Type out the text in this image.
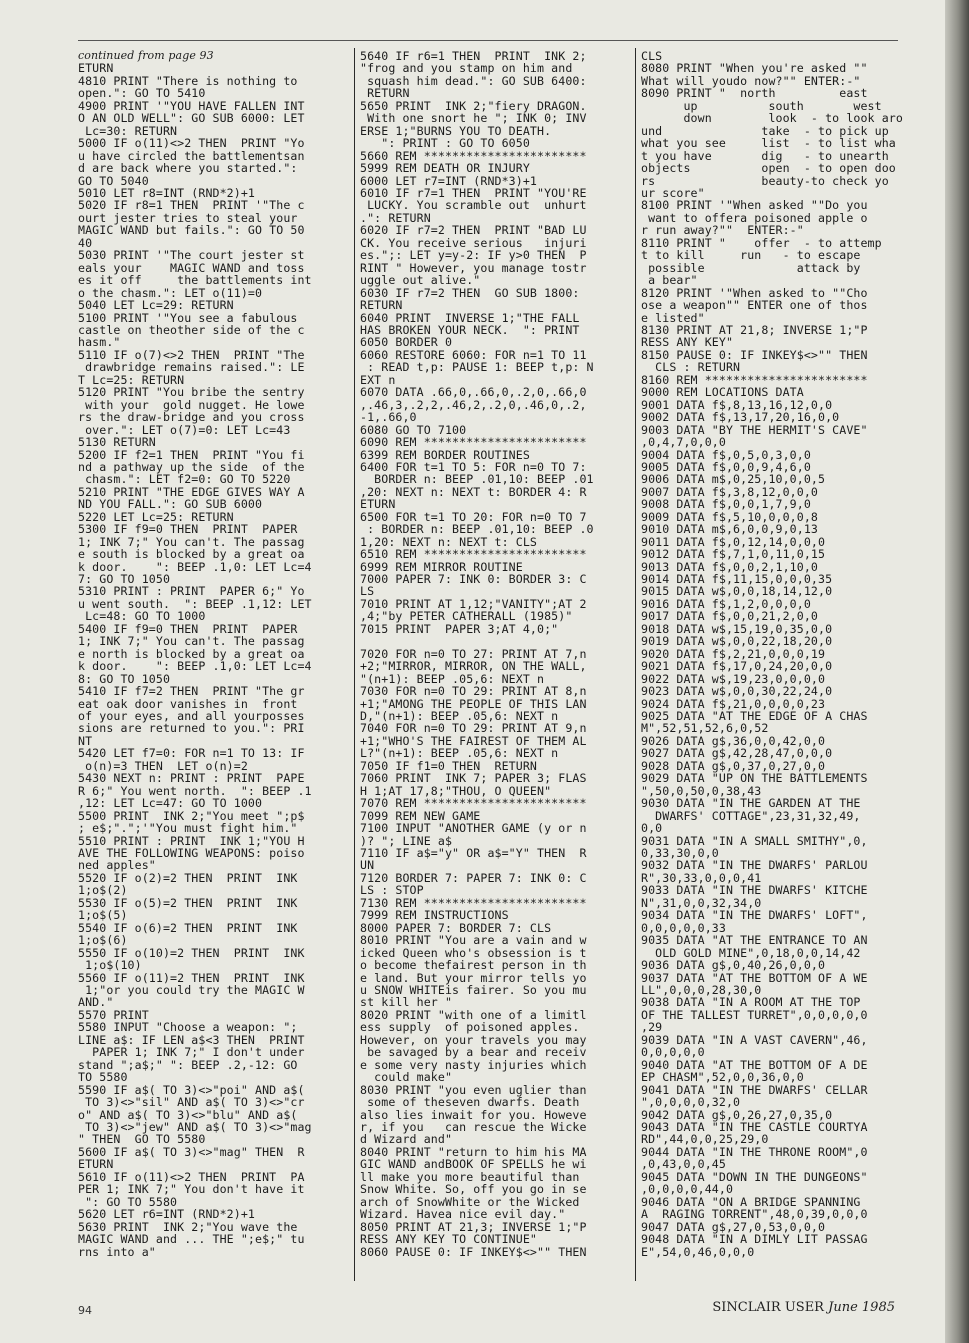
continued from page 93
ETURN
4810 PRINT "There is nothing to
open.": GO TO 5410
4900 PRINT '"YOU HAVE FALLEN INT
O AN OLD WELL": GO SUB 6000: LET
Lc=30: RETURN
5000 IF o(11)<>2 THEN  PRINT "Yo
u have circled the battlementsan
d are back where you started.":
GO TO 5040
5010 LET r8=INT (RND*2)+1
5020 IF r8=1 THEN  PRINT '"The c
ourt jester tries to steal your
MAGIC WAND but fails.": GO TO 50
40
5030 PRINT '"The court jester st
eals your    MAGIC WAND and toss
es it off     the battlements int
o the chasm.": LET o(11)=0
5040 LET Lc=29: RETURN
5100 PRINT '"You see a fabulous
castle on theother side of the c
hasm."
5110 IF o(7)<>2 THEN  PRINT "The
drawbridge remains raised.": LE
T Lc=25: RETURN
5120 PRINT "You bribe the sentry
with your  gold nugget. He lowe
rs the draw-bridge and you cross
over.": LET o(7)=0: LET Lc=43
5130 RETURN
5200 IF f2=1 THEN  PRINT "You fi
nd a pathway up the side  of the
chasm.": LET f2=0: GO TO 5220
5210 PRINT "THE EDGE GIVES WAY A
ND YOU FALL.": GO SUB 6000
5220 LET Lc=25: RETURN
5300 IF f9=0 THEN  PRINT  PAPER
1; INK 7;" You can't. The passag
e south is blocked by a great oa
k door.    ": BEEP .1,0: LET Lc=4
7: GO TO 1050
5310 PRINT : PRINT  PAPER 6;" Yo
u went south.  ": BEEP .1,12: LET
Lc=48: GO TO 1000
5400 IF f9=0 THEN  PRINT  PAPER
1; INK 7;" You can't. The passag
e north is blocked by a great oa
k door.    ": BEEP .1,0: LET Lc=4
8: GO TO 1050
5410 IF f7=2 THEN  PRINT "The gr
eat oak door vanishes in  front
of your eyes, and all yourposses
sions are returned to you.": PRI
NT
5420 LET f7=0: FOR n=1 TO 13: IF
o(n)=3 THEN  LET o(n)=2
5430 NEXT n: PRINT : PRINT  PAPE
R 6;" You went north.  ": BEEP .1
,12: LET Lc=47: GO TO 1000
5500 PRINT  INK 2;"You meet ";p$
; e$;".";'"You must fight him."
5510 PRINT : PRINT  INK 1;"YOU H
AVE THE FOLLOWING WEAPONS: poiso
ned apples"
5520 IF o(2)=2 THEN  PRINT  INK
1;o$(2)
5530 IF o(5)=2 THEN  PRINT  INK
1;o$(5)
5540 IF o(6)=2 THEN  PRINT  INK
1;o$(6)
5550 IF o(10)=2 THEN  PRINT  INK
1;o$(10)
5560 IF o(11)=2 THEN  PRINT  INK
1;"or you could try the MAGIC W
AND."
5570 PRINT
5580 INPUT "Choose a weapon: ";
LINE a$: IF LEN a$<3 THEN  PRINT
PAPER 1; INK 7;" I don't under
stand ";a$;" ": BEEP .2,-12: GO
TO 5580
5590 IF a$( TO 3)<>"poi" AND a$(
TO 3)<>"sil" AND a$( TO 3)<>"cr
o" AND a$( TO 3)<>"blu" AND a$(
TO 3)<>"jew" AND a$( TO 3)<>"mag
" THEN  GO TO 5580
5600 IF a$( TO 3)<>"mag" THEN  R
ETURN
5610 IF o(11)<>2 THEN  PRINT  PA
PER 1; INK 7;" You don't have it
": GO TO 5580
5620 LET r6=INT (RND*2)+1
5630 PRINT  INK 2;"You wave the
MAGIC WAND and ... THE ";e$;" tu
rns into a"
5640 IF r6=1 THEN  PRINT  INK 2;
"frog and you stamp on him and
squash him dead.": GO SUB 6400:
RETURN
5650 PRINT  INK 2;"fiery DRAGON.
With one snort he "; INK 0; INV
ERSE 1;"BURNS YOU TO DEATH.
": PRINT : GO TO 6050
5660 REM ***********************
5999 REM DEATH OR INJURY
6000 LET r7=INT (RND*3)+1
6010 IF r7=1 THEN  PRINT "YOU'RE
LUCKY. You scramble out  unhurt
.": RETURN
6020 IF r7=2 THEN  PRINT "BAD LU
CK. You receive serious   injuri
es.";: LET y=y-2: IF y>0 THEN  P
RINT " However, you manage tostr
uggle out alive."
6030 IF r7=2 THEN  GO SUB 1800:
RETURN
6040 PRINT  INVERSE 1;"THE FALL
HAS BROKEN YOUR NECK.  ": PRINT
6050 BORDER 0
6060 RESTORE 6060: FOR n=1 TO 11
: READ t,p: PAUSE 1: BEEP t,p: N
EXT n
6070 DATA .66,0,.66,0,.2,0,.66,0
,.46,3,.2,2,.46,2,.2,0,.46,0,.2,
-1,.66,0
6080 GO TO 7100
6090 REM ***********************
6399 REM BORDER ROUTINES
6400 FOR t=1 TO 5: FOR n=0 TO 7:
BORDER n: BEEP .01,10: BEEP .01
,20: NEXT n: NEXT t: BORDER 4: R
ETURN
6500 FOR t=1 TO 20: FOR n=0 TO 7
: BORDER n: BEEP .01,10: BEEP .0
1,20: NEXT n: NEXT t: CLS
6510 REM ***********************
6999 REM MIRROR ROUTINE
7000 PAPER 7: INK 0: BORDER 3: C
LS
7010 PRINT AT 1,12;"VANITY";AT 2
,4;"by PETER CATHERALL (1985)"
7015 PRINT  PAPER 3;AT 4,0;"

7020 FOR n=0 TO 27: PRINT AT 7,n
+2;"MIRROR, MIRROR, ON THE WALL,
"(n+1): BEEP .05,6: NEXT n
7030 FOR n=0 TO 29: PRINT AT 8,n
+1;"AMONG THE PEOPLE OF THIS LAN
D,"(n+1): BEEP .05,6: NEXT n
7040 FOR n=0 TO 29: PRINT AT 9,n
+1;"WHO'S THE FAIREST OF THEM AL
L?"(n+1): BEEP .05,6: NEXT n
7050 IF f1=0 THEN  RETURN
7060 PRINT  INK 7; PAPER 3; FLAS
H 1;AT 17,8;"THOU, O QUEEN"
7070 REM ***********************
7099 REM NEW GAME
7100 INPUT "ANOTHER GAME (y or n
)? "; LINE a$
7110 IF a$="y" OR a$="Y" THEN  R
UN
7120 BORDER 7: PAPER 7: INK 0: C
LS : STOP
7130 REM ***********************
7999 REM INSTRUCTIONS
8000 PAPER 7: BORDER 7: CLS
8010 PRINT "You are a vain and w
icked Queen who's obsession is t
o become thefairest person in th
e land. But your mirror tells yo
u SNOW WHITEis fairer. So you mu
st kill her "
8020 PRINT "with one of a limitl
ess supply  of poisoned apples.
However, on your travels you may
be savaged by a bear and receiv
e some very nasty injuries which
could make"
8030 PRINT "you even uglier than
some of theseven dwarfs. Death
also lies inwait for you. Howeve
r, if you   can rescue the Wicke
d Wizard and"
8040 PRINT "return to him his MA
GIC WAND andBOOK OF SPELLS he wi
ll make you more beautiful than
Snow White. So, off you go in se
arch of SnowWhite or the Wicked
Wizard. Havea nice evil day."
8050 PRINT AT 21,3; INVERSE 1;"P
RESS ANY KEY TO CONTINUE"
8060 PAUSE 0: IF INKEY$<>"" THEN
CLS
8080 PRINT "When you're asked ""
What will youdo now?"" ENTER:-"
8090 PRINT "  north         east
up          south       west
down        look  - to look aro
und              take  - to pick up
what you see     list  - to list wha
t you have       dig   - to unearth
objects          open  - to open doo
rs               beauty-to check yo
ur score"
8100 PRINT '"When asked ""Do you
want to offera poisoned apple o
r run away?""  ENTER:-"
8110 PRINT "    offer  - to attemp
t to kill     run   - to escape
possible             attack by
a bear"
8120 PRINT '"When asked to ""Cho
ose a weapon"" ENTER one of thos
e listed"
8130 PRINT AT 21,8; INVERSE 1;"P
RESS ANY KEY"
8150 PAUSE 0: IF INKEY$<>"" THEN
CLS : RETURN
8160 REM ***********************
9000 REM LOCATIONS DATA
9001 DATA f$,8,13,16,12,0,0
9002 DATA f$,13,17,20,16,0,0
9003 DATA "BY THE HERMIT'S CAVE"
,0,4,7,0,0,0
9004 DATA f$,0,5,0,3,0,0
9005 DATA f$,0,0,9,4,6,0
9006 DATA m$,0,25,10,0,0,5
9007 DATA f$,3,8,12,0,0,0
9008 DATA f$,0,0,1,7,9,0
9009 DATA f$,5,10,0,0,0,8
9010 DATA m$,6,0,0,9,0,13
9011 DATA f$,0,12,14,0,0,0
9012 DATA f$,7,1,0,11,0,15
9013 DATA f$,0,0,2,1,10,0
9014 DATA f$,11,15,0,0,0,35
9015 DATA w$,0,0,18,14,12,0
9016 DATA f$,1,2,0,0,0,0
9017 DATA f$,0,0,21,2,0,0
9018 DATA w$,15,19,0,35,0,0
9019 DATA w$,0,0,22,18,20,0
9020 DATA f$,2,21,0,0,0,19
9021 DATA f$,17,0,24,20,0,0
9022 DATA w$,19,23,0,0,0,0
9023 DATA w$,0,0,30,22,24,0
9024 DATA f$,21,0,0,0,0,23
9025 DATA "AT THE EDGE OF A CHAS
M",52,51,52,6,0,52
9026 DATA g$,36,0,0,42,0,0
9027 DATA g$,42,28,47,0,0,0
9028 DATA g$,0,37,0,27,0,0
9029 DATA "UP ON THE BATTLEMENTS
",50,0,50,0,38,43
9030 DATA "IN THE GARDEN AT THE
DWARFS' COTTAGE",23,31,32,49,
0,0
9031 DATA "IN A SMALL SMITHY",0,
0,33,30,0,0
9032 DATA "IN THE DWARFS' PARLOU
R",30,33,0,0,0,41
9033 DATA "IN THE DWARFS' KITCHE
N",31,0,0,32,34,0
9034 DATA "IN THE DWARFS' LOFT",
0,0,0,0,0,33
9035 DATA "AT THE ENTRANCE TO AN
OLD GOLD MINE",0,18,0,0,14,42
9036 DATA g$,0,40,26,0,0,0
9037 DATA "AT THE BOTTOM OF A WE
LL",0,0,0,28,30,0
9038 DATA "IN A ROOM AT THE TOP
OF THE TALLEST TURRET",0,0,0,0,0
,29
9039 DATA "IN A VAST CAVERN",46,
0,0,0,0,0
9040 DATA "AT THE BOTTOM OF A DE
EP CHASM",52,0,0,36,0,0
9041 DATA "IN THE DWARFS' CELLAR
",0,0,0,0,32,0
9042 DATA g$,0,26,27,0,35,0
9043 DATA "IN THE CASTLE COURTYA
RD",44,0,0,25,29,0
9044 DATA "IN THE THRONE ROOM",0
,0,43,0,0,45
9045 DATA "DOWN IN THE DUNGEONS"
,0,0,0,0,44,0
9046 DATA "ON A BRIDGE SPANNING
A  RAGING TORRENT",48,0,39,0,0,0
9047 DATA g$,27,0,53,0,0,0
9048 DATA "IN A DIMLY LIT PASSAG
E",54,0,46,0,0,0
94	SINCLAIR USER June 1985
